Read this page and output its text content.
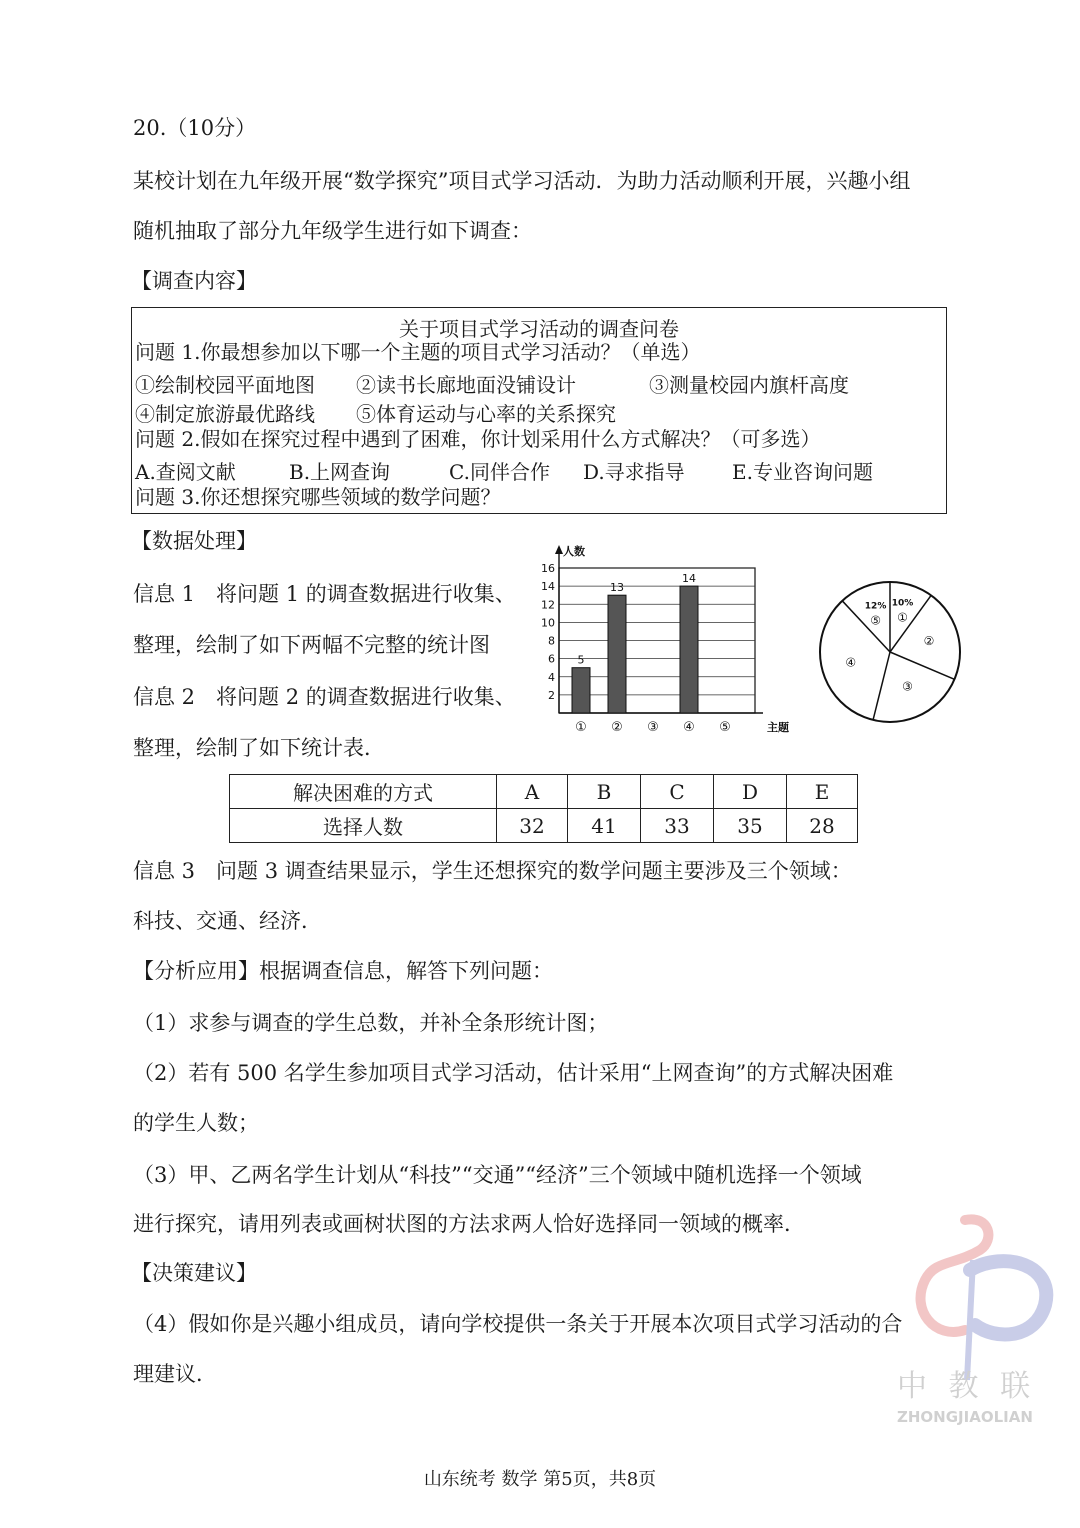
20.（10分）
某校计划在九年级开展“数学探究”项目式学习活动．为助力活动顺利开展，兴趣小组
随机抽取了部分九年级学生进行如下调查：
【调查内容】
关于项目式学习活动的调查问卷
问题 1.你最想参加以下哪一个主题的项目式学习活动？（单选）
①绘制校园平面地图 ②读书长廊地面没铺设计	③测量校园内旗杆高度
④制定旅游最优路线 ⑤体育运动与心率的关系探究
问题 2.假如在探究过程中遇到了困难，你计划采用什么方式解决？（可多选）
A.查阅文献	B.上网查询	C.同伴合作 D.寻求指导 E.专业咨询问题
问题 3.你还想探究哪些领域的数学问题？
【数据处理】
信息 1　将问题 1 的调查数据进行收集、
整理，绘制了如下两幅不完整的统计图
信息 2　将问题 2 的调查数据进行收集、
整理，绘制了如下统计表．
2
4
6
8
10
12
14
16
人数
主题
①
5
②
13
③ ④
14
⑤
10%
①
②
③
④
12%
⑤
解决困难的方式	A	B	C	D	E
选择人数	32	41	33	35	28
信息 3　问题 3 调查结果显示，学生还想探究的数学问题主要涉及三个领域：
科技、交通、经济．
【分析应用】根据调查信息，解答下列问题：
（1）求参与调查的学生总数，并补全条形统计图；
（2）若有 500 名学生参加项目式学习活动，估计采用“上网查询”的方式解决困难
的学生人数；
（3）甲、乙两名学生计划从“科技”“交通”“经济”三个领域中随机选择一个领域
进行探究，请用列表或画树状图的方法求两人恰好选择同一领域的概率．
【决策建议】
（4）假如你是兴趣小组成员，请向学校提供一条关于开展本次项目式学习活动的合
理建议．	中 教 联
ZHONGJIAOLIAN
山东统考 数学 第5页，共8页
